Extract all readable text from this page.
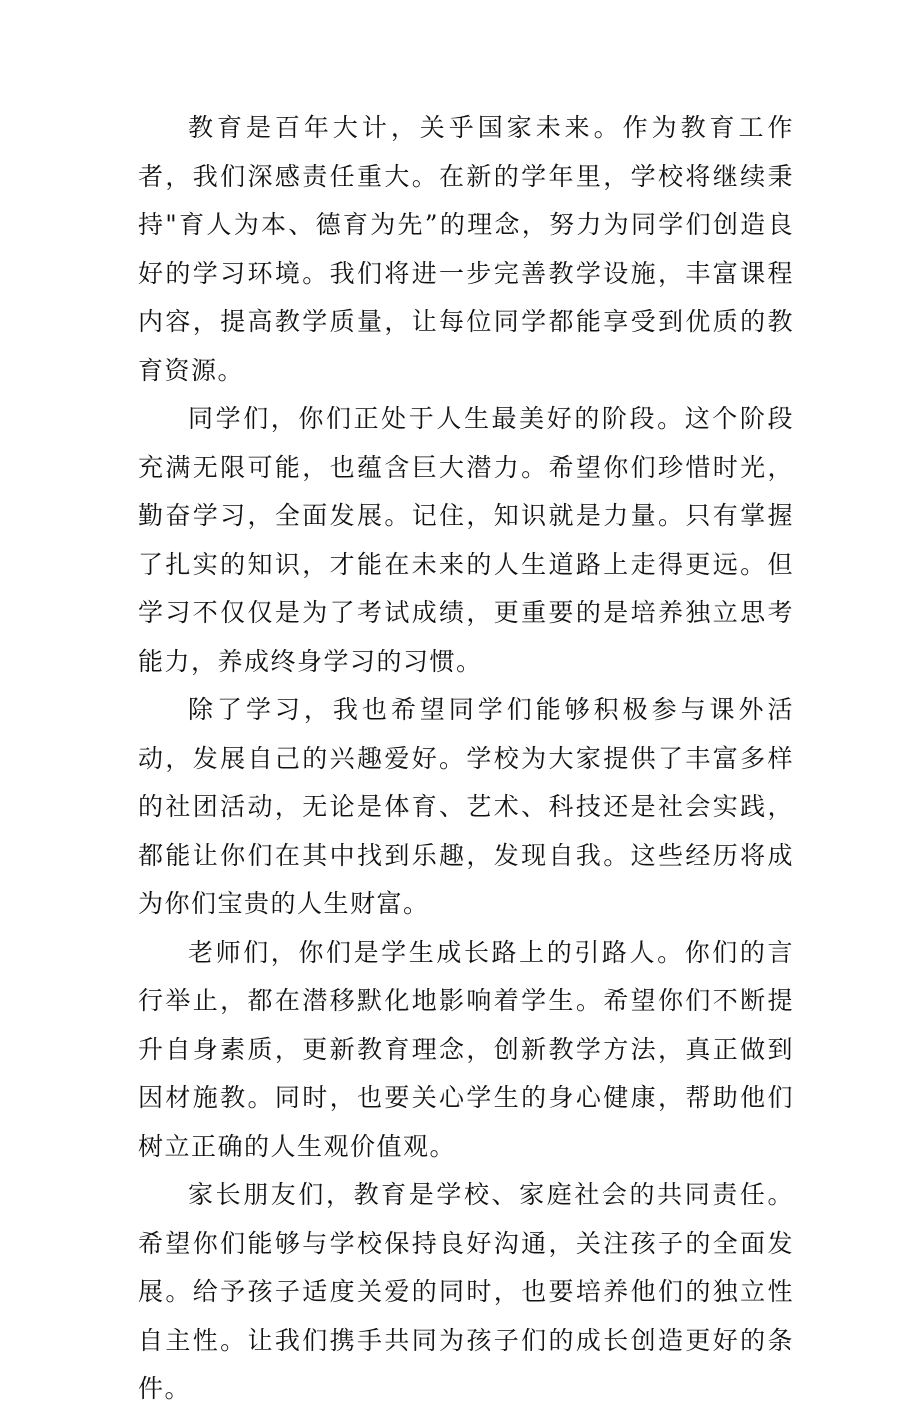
教育是百年大计，关乎国家未来。作为教育工作者，我们深感责任重大。在新的学年里，学校将继续秉持"育人为本、德育为先”的理念，努力为同学们创造良好的学习环境。我们将进一步完善教学设施，丰富课程内容，提高教学质量，让每位同学都能享受到优质的教育资源。

同学们，你们正处于人生最美好的阶段。这个阶段充满无限可能，也蕴含巨大潜力。希望你们珍惜时光，勤奋学习，全面发展。记住，知识就是力量。只有掌握了扎实的知识，才能在未来的人生道路上走得更远。但学习不仅仅是为了考试成绩，更重要的是培养独立思考能力，养成终身学习的习惯。

除了学习，我也希望同学们能够积极参与课外活动，发展自己的兴趣爱好。学校为大家提供了丰富多样的社团活动，无论是体育、艺术、科技还是社会实践，都能让你们在其中找到乐趣，发现自我。这些经历将成为你们宝贵的人生财富。

老师们，你们是学生成长路上的引路人。你们的言行举止，都在潜移默化地影响着学生。希望你们不断提升自身素质，更新教育理念，创新教学方法，真正做到因材施教。同时，也要关心学生的身心健康，帮助他们树立正确的人生观价值观。

家长朋友们，教育是学校、家庭社会的共同责任。希望你们能够与学校保持良好沟通，关注孩子的全面发展。给予孩子适度关爱的同时，也要培养他们的独立性自主性。让我们携手共同为孩子们的成长创造更好的条件。
